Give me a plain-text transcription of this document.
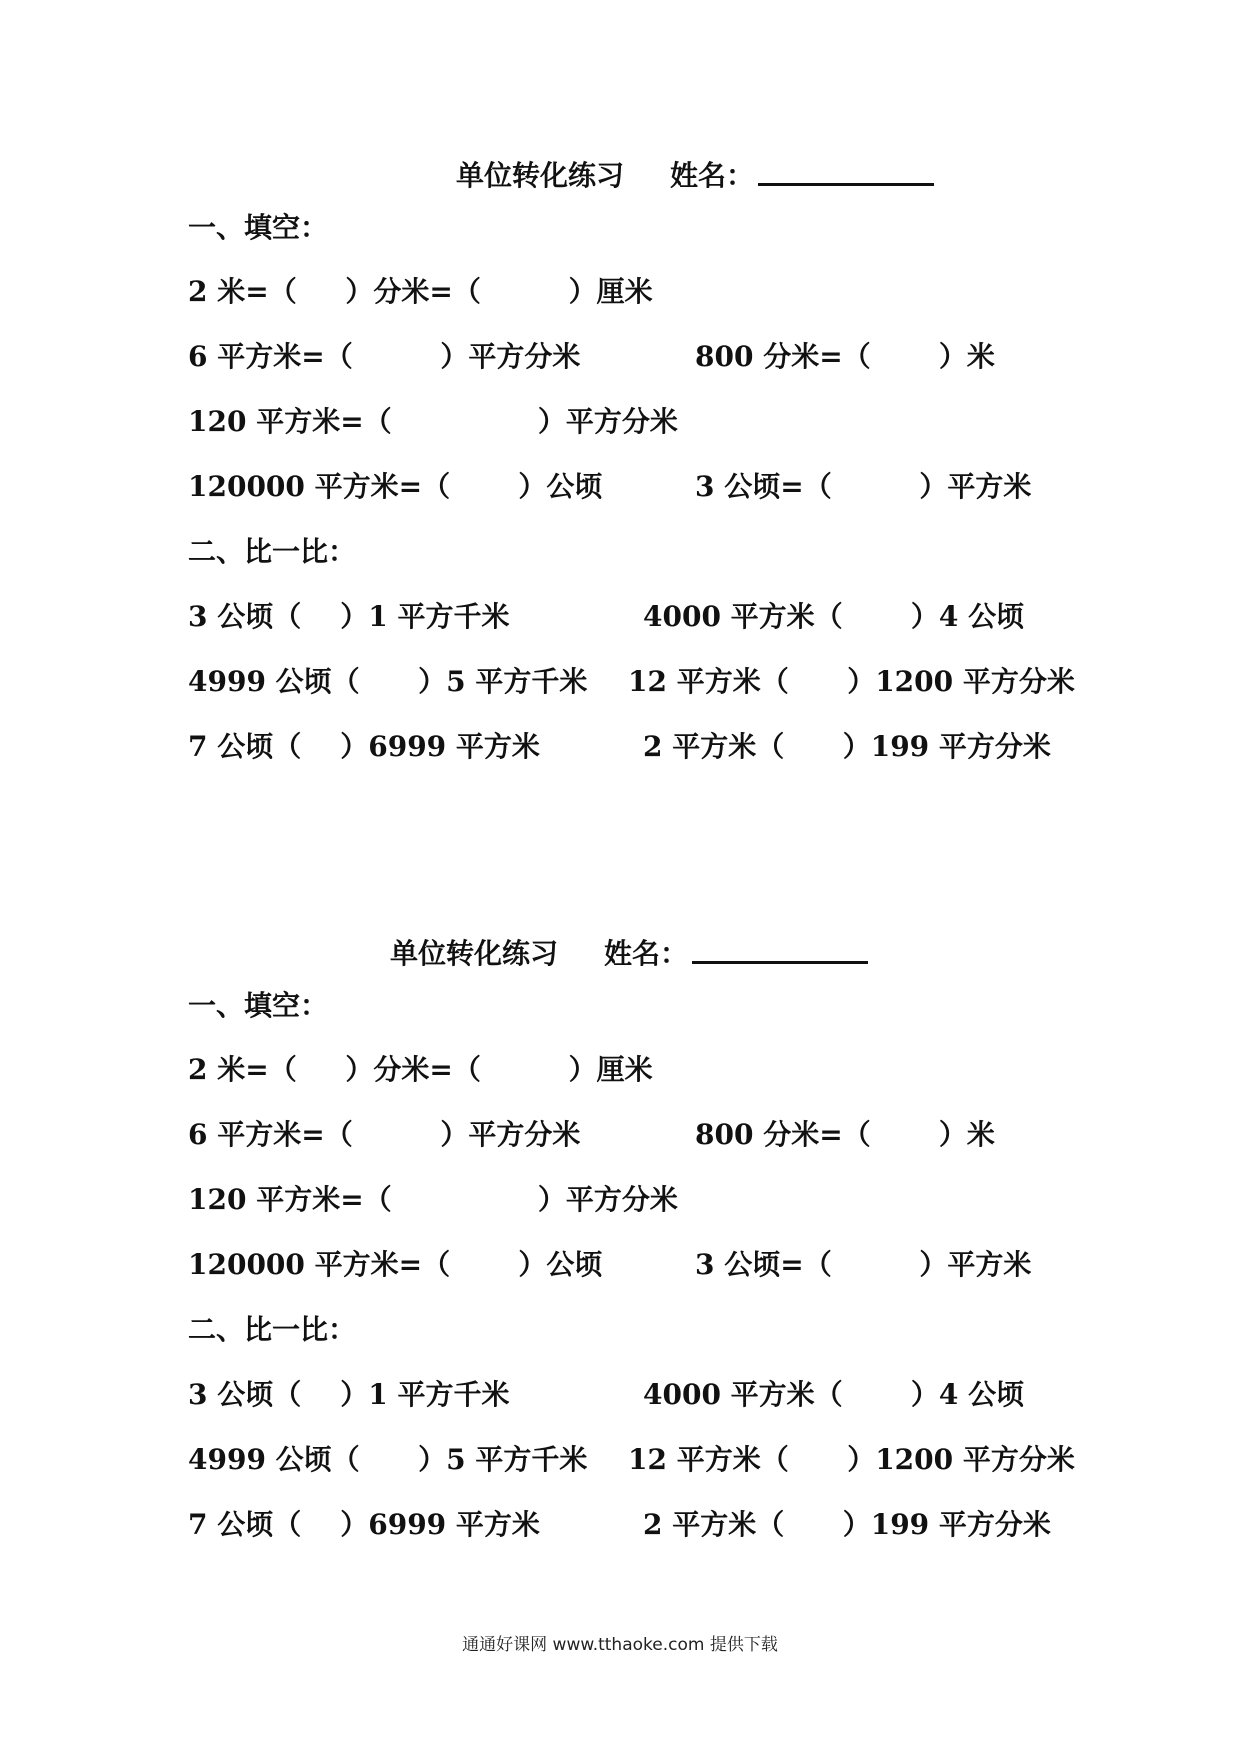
单位转化练习 姓名：
一、填空：
2 米=（     ）分米=（         ）厘米
6 平方米=（         ）平方分米	800 分米=（       ）米
120 平方米=（               ）平方分米
120000 平方米=（       ）公顷	3 公顷=（         ）平方米
二、比一比：
3 公顷（    ）1 平方千米	4000 平方米（       ）4 公顷
4999 公顷（      ）5 平方千米 12 平方米（      ）1200 平方分米
7 公顷（    ）6999 平方米	2 平方米（      ）199 平方分米
单位转化练习 姓名：
一、填空：
2 米=（     ）分米=（         ）厘米
6 平方米=（         ）平方分米	800 分米=（       ）米
120 平方米=（               ）平方分米
120000 平方米=（       ）公顷	3 公顷=（         ）平方米
二、比一比：
3 公顷（    ）1 平方千米	4000 平方米（       ）4 公顷
4999 公顷（      ）5 平方千米 12 平方米（      ）1200 平方分米
7 公顷（    ）6999 平方米	2 平方米（      ）199 平方分米
通通好课网 www.tthaoke.com 提供下载
